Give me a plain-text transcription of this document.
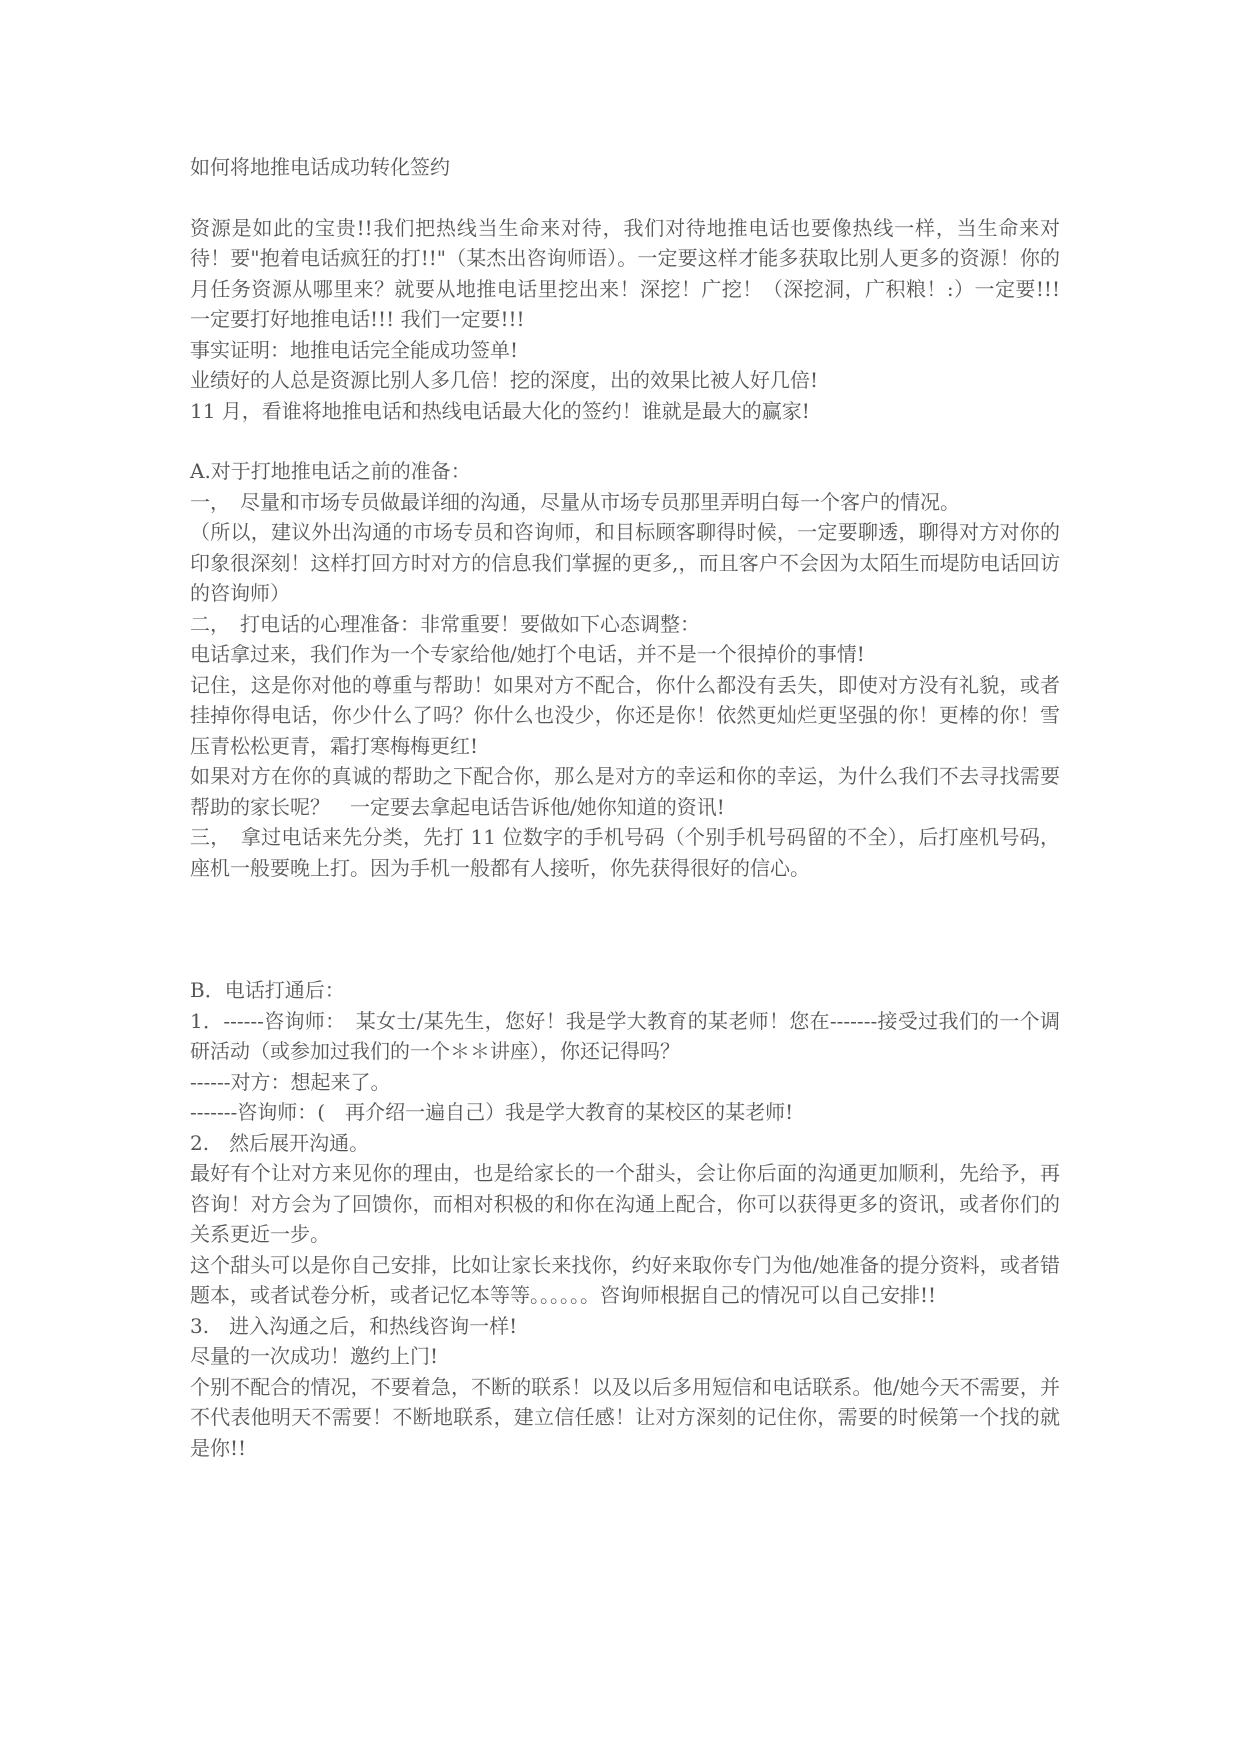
如何将地推电话成功转化签约

资源是如此的宝贵!!我们把热线当生命来对待，我们对待地推电话也要像热线一样，当生命来对待！要"抱着电话疯狂的打!!"（某杰出咨询师语）。一定要这样才能多获取比别人更多的资源！你的月任务资源从哪里来？就要从地推电话里挖出来！深挖！广挖！（深挖洞，广积粮！:）一定要!!! 一定要打好地推电话!!! 我们一定要!!!

事实证明：地推电话完全能成功签单!

业绩好的人总是资源比别人多几倍！挖的深度，出的效果比被人好几倍!

11 月，看谁将地推电话和热线电话最大化的签约！谁就是最大的赢家!

A.对于打地推电话之前的准备：

一，　尽量和市场专员做最详细的沟通，尽量从市场专员那里弄明白每一个客户的情况。

（所以，建议外出沟通的市场专员和咨询师，和目标顾客聊得时候，一定要聊透，聊得对方对你的印象很深刻！这样打回方时对方的信息我们掌握的更多,，而且客户不会因为太陌生而堤防电话回访的咨询师）

二，　打电话的心理准备：非常重要！要做如下心态调整：

电话拿过来，我们作为一个专家给他/她打个电话，并不是一个很掉价的事情!

记住，这是你对他的尊重与帮助！如果对方不配合，你什么都没有丢失，即使对方没有礼貌，或者挂掉你得电话，你少什么了吗？你什么也没少，你还是你！依然更灿烂更坚强的你！更棒的你！雪压青松松更青，霜打寒梅梅更红!

如果对方在你的真诚的帮助之下配合你，那么是对方的幸运和你的幸运，为什么我们不去寻找需要帮助的家长呢？　一定要去拿起电话告诉他/她你知道的资讯!

三，　拿过电话来先分类，先打 11 位数字的手机号码（个别手机号码留的不全），后打座机号码，座机一般要晚上打。因为手机一般都有人接听，你先获得很好的信心。

B．电话打通后：

1．------咨询师：　某女士/某先生，您好！我是学大教育的某老师！您在-------接受过我们的一个调研活动（或参加过我们的一个＊＊讲座），你还记得吗？

------对方：想起来了。

-------咨询师：(　再介绍一遍自己）我是学大教育的某校区的某老师!

2.　然后展开沟通。

最好有个让对方来见你的理由，也是给家长的一个甜头，会让你后面的沟通更加顺利，先给予，再咨询！对方会为了回馈你，而相对积极的和你在沟通上配合，你可以获得更多的资讯，或者你们的关系更近一步。

这个甜头可以是你自己安排，比如让家长来找你，约好来取你专门为他/她准备的提分资料，或者错题本，或者试卷分析，或者记忆本等等。。。。。。咨询师根据自己的情况可以自己安排!!

3.　进入沟通之后，和热线咨询一样!

尽量的一次成功！邀约上门!

个别不配合的情况，不要着急，不断的联系！以及以后多用短信和电话联系。他/她今天不需要，并不代表他明天不需要！不断地联系，建立信任感！让对方深刻的记住你，需要的时候第一个找的就是你!!
